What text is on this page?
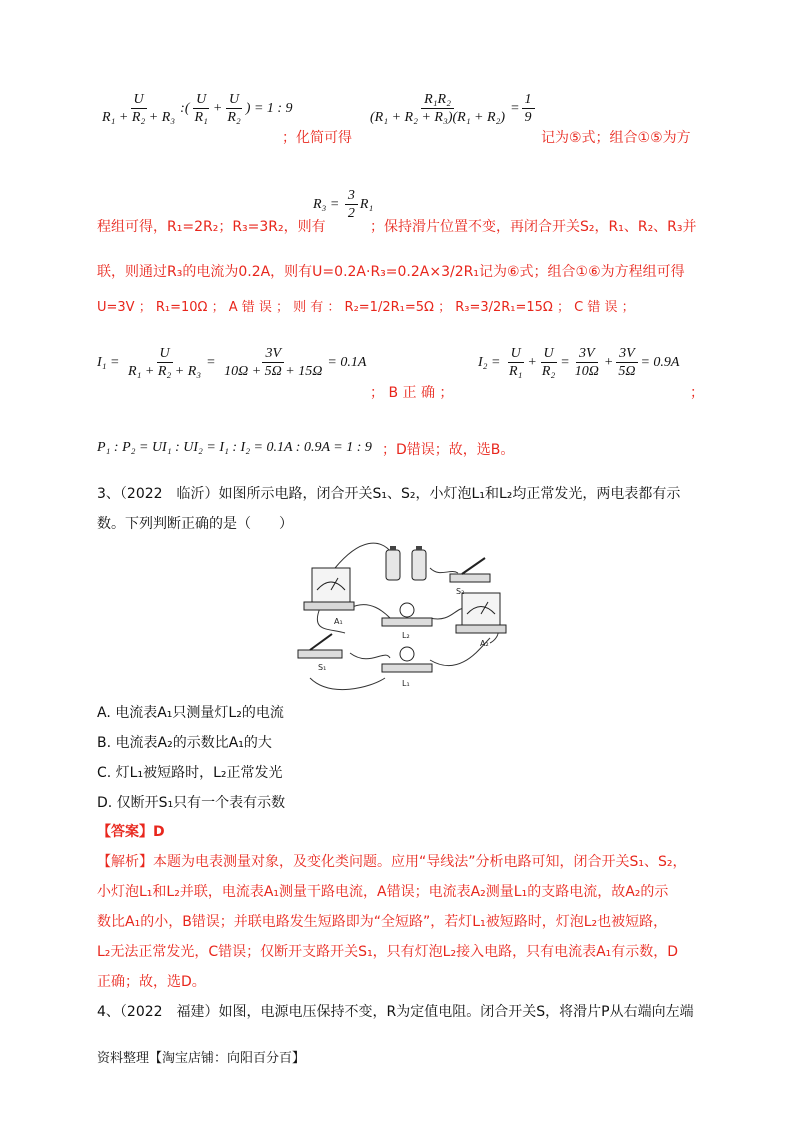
$\frac{U}{\text{R₁ + R₂ + R₃}}$ :( $\frac{U}{\text{R₁}} + \frac{U}{\text{R₂}}$ ) = 1 : 9
；化简可得
$\frac{\text{R₁R₂}}{\text{(R₁ + R₂ + R₃)(R₁ + R₂)}} = \frac{1}{9}$
记为⑤式；组合①⑤为方
$R_3 = \frac{3}{2} R_1$
程组可得，R₁=2R₂；R₃=3R₂，则有	；保持滑片位置不变，再闭合开关S₂，R₁、R₂、R₃并
联，则通过R₃的电流为0.2A，则有U=0.2A·R₃=0.2A×3/2R₁记为⑥式；组合①⑥为方程组可得
U=3V ； R₁=10Ω ； A 错 误 ； 则 有 ： R₂=1/2R₁=5Ω ； R₃=3/2R₁=15Ω ； C 错 误 ；
$I_1 = \frac{U}{\text{R₁ + R₂ + R₃}} = \frac{3V}{10\Omega + 5\Omega + 15\Omega} = 0.1A$
； B 正 确 ；
$I_2 = \frac{U}{\text{R₁}} + \frac{U}{\text{R₂}} = \frac{3V}{10\Omega} + \frac{3V}{5\Omega} = 0.9A$
；
P₁ : P₂ = UI₁ : UI₂ = I₁ : I₂ = 0.1A : 0.9A = 1 : 9 ；D错误；故，选B。
3、（2022　临沂）如图所示电路，闭合开关S₁、S₂，小灯泡L₁和L₂均正常发光，两电表都有示
数。下列判断正确的是（　　）
A₁
A₂
S₁
S₂
L₁
L₂
A. 电流表A₁只测量灯L₂的电流
B. 电流表A₂的示数比A₁的大
C. 灯L₁被短路时，L₂正常发光
D. 仅断开S₁只有一个表有示数
【答案】D
【解析】本题为电表测量对象，及变化类问题。应用“导线法”分析电路可知，闭合开关S₁、S₂，
小灯泡L₁和L₂并联，电流表A₁测量干路电流，A错误；电流表A₂测量L₁的支路电流，故A₂的示
数比A₁的小，B错误；并联电路发生短路即为“全短路”，若灯L₁被短路时，灯泡L₂也被短路，
L₂无法正常发光，C错误；仅断开支路开关S₁，只有灯泡L₂接入电路，只有电流表A₁有示数，D
正确；故，选D。
4、（2022　福建）如图，电源电压保持不变，R为定值电阻。闭合开关S，将滑片P从右端向左端
资料整理【淘宝店铺：向阳百分百】
